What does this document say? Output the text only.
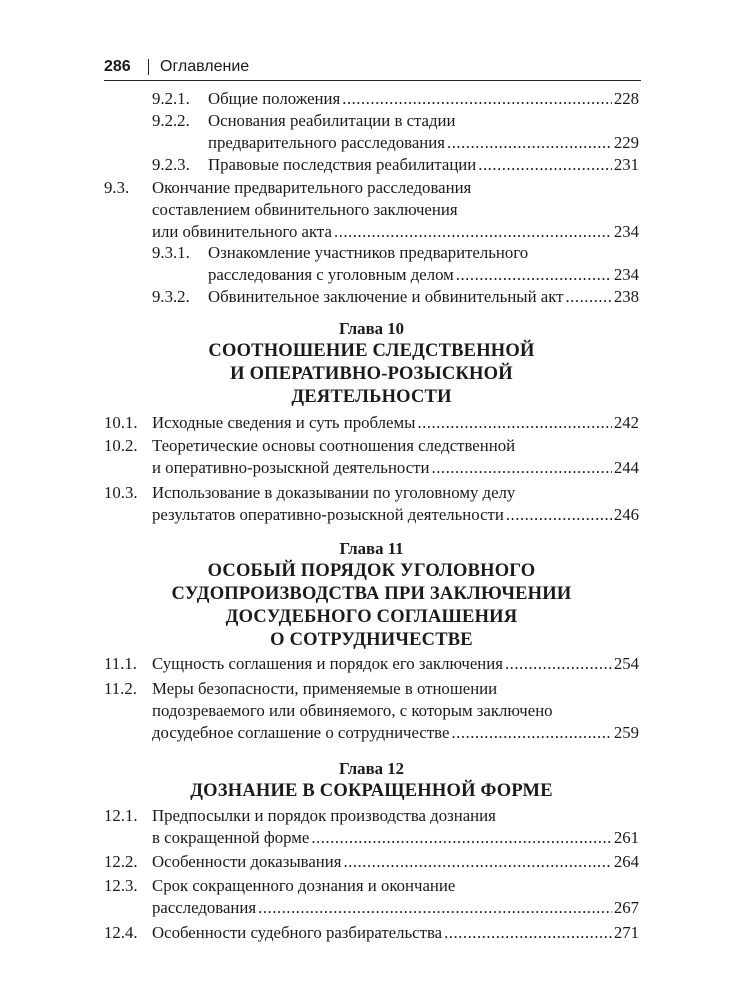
286 Оглавление
9.2.1. Общие положения .....	228
9.2.2. Основания реабилитации в стадии
предварительного расследования .....	229
9.2.3. Правовые последствия реабилитации .....	231
9.3. Окончание предварительного расследования
составлением обвинительного заключения
или обвинительного акта .....	234
9.3.1. Ознакомление участников предварительного
расследования с уголовным делом .....	234
9.3.2. Обвинительное заключение и обвинительный акт .....	238
Глава 10
СООТНОШЕНИЕ СЛЕДСТВЕННОЙ
И ОПЕРАТИВНО-РОЗЫСКНОЙ
ДЕЯТЕЛЬНОСТИ
10.1. Исходные сведения и суть проблемы .....	242
10.2. Теоретические основы соотношения следственной
и оперативно-розыскной деятельности .....	244
10.3. Использование в доказывании по уголовному делу
результатов оперативно-розыскной деятельности .....	246
Глава 11
ОСОБЫЙ ПОРЯДОК УГОЛОВНОГО
СУДОПРОИЗВОДСТВА ПРИ ЗАКЛЮЧЕНИИ
ДОСУДЕБНОГО СОГЛАШЕНИЯ
О СОТРУДНИЧЕСТВЕ
11.1. Сущность соглашения и порядок его заключения .....	254
11.2. Меры безопасности, применяемые в отношении
подозреваемого или обвиняемого, с которым заключено
досудебное соглашение о сотрудничестве .....	259
Глава 12
ДОЗНАНИЕ В СОКРАЩЕННОЙ ФОРМЕ
12.1. Предпосылки и порядок производства дознания
в сокращенной форме .....	261
12.2. Особенности доказывания .....	264
12.3. Срок сокращенного дознания и окончание
расследования .....	267
12.4. Особенности судебного разбирательства .....	271
